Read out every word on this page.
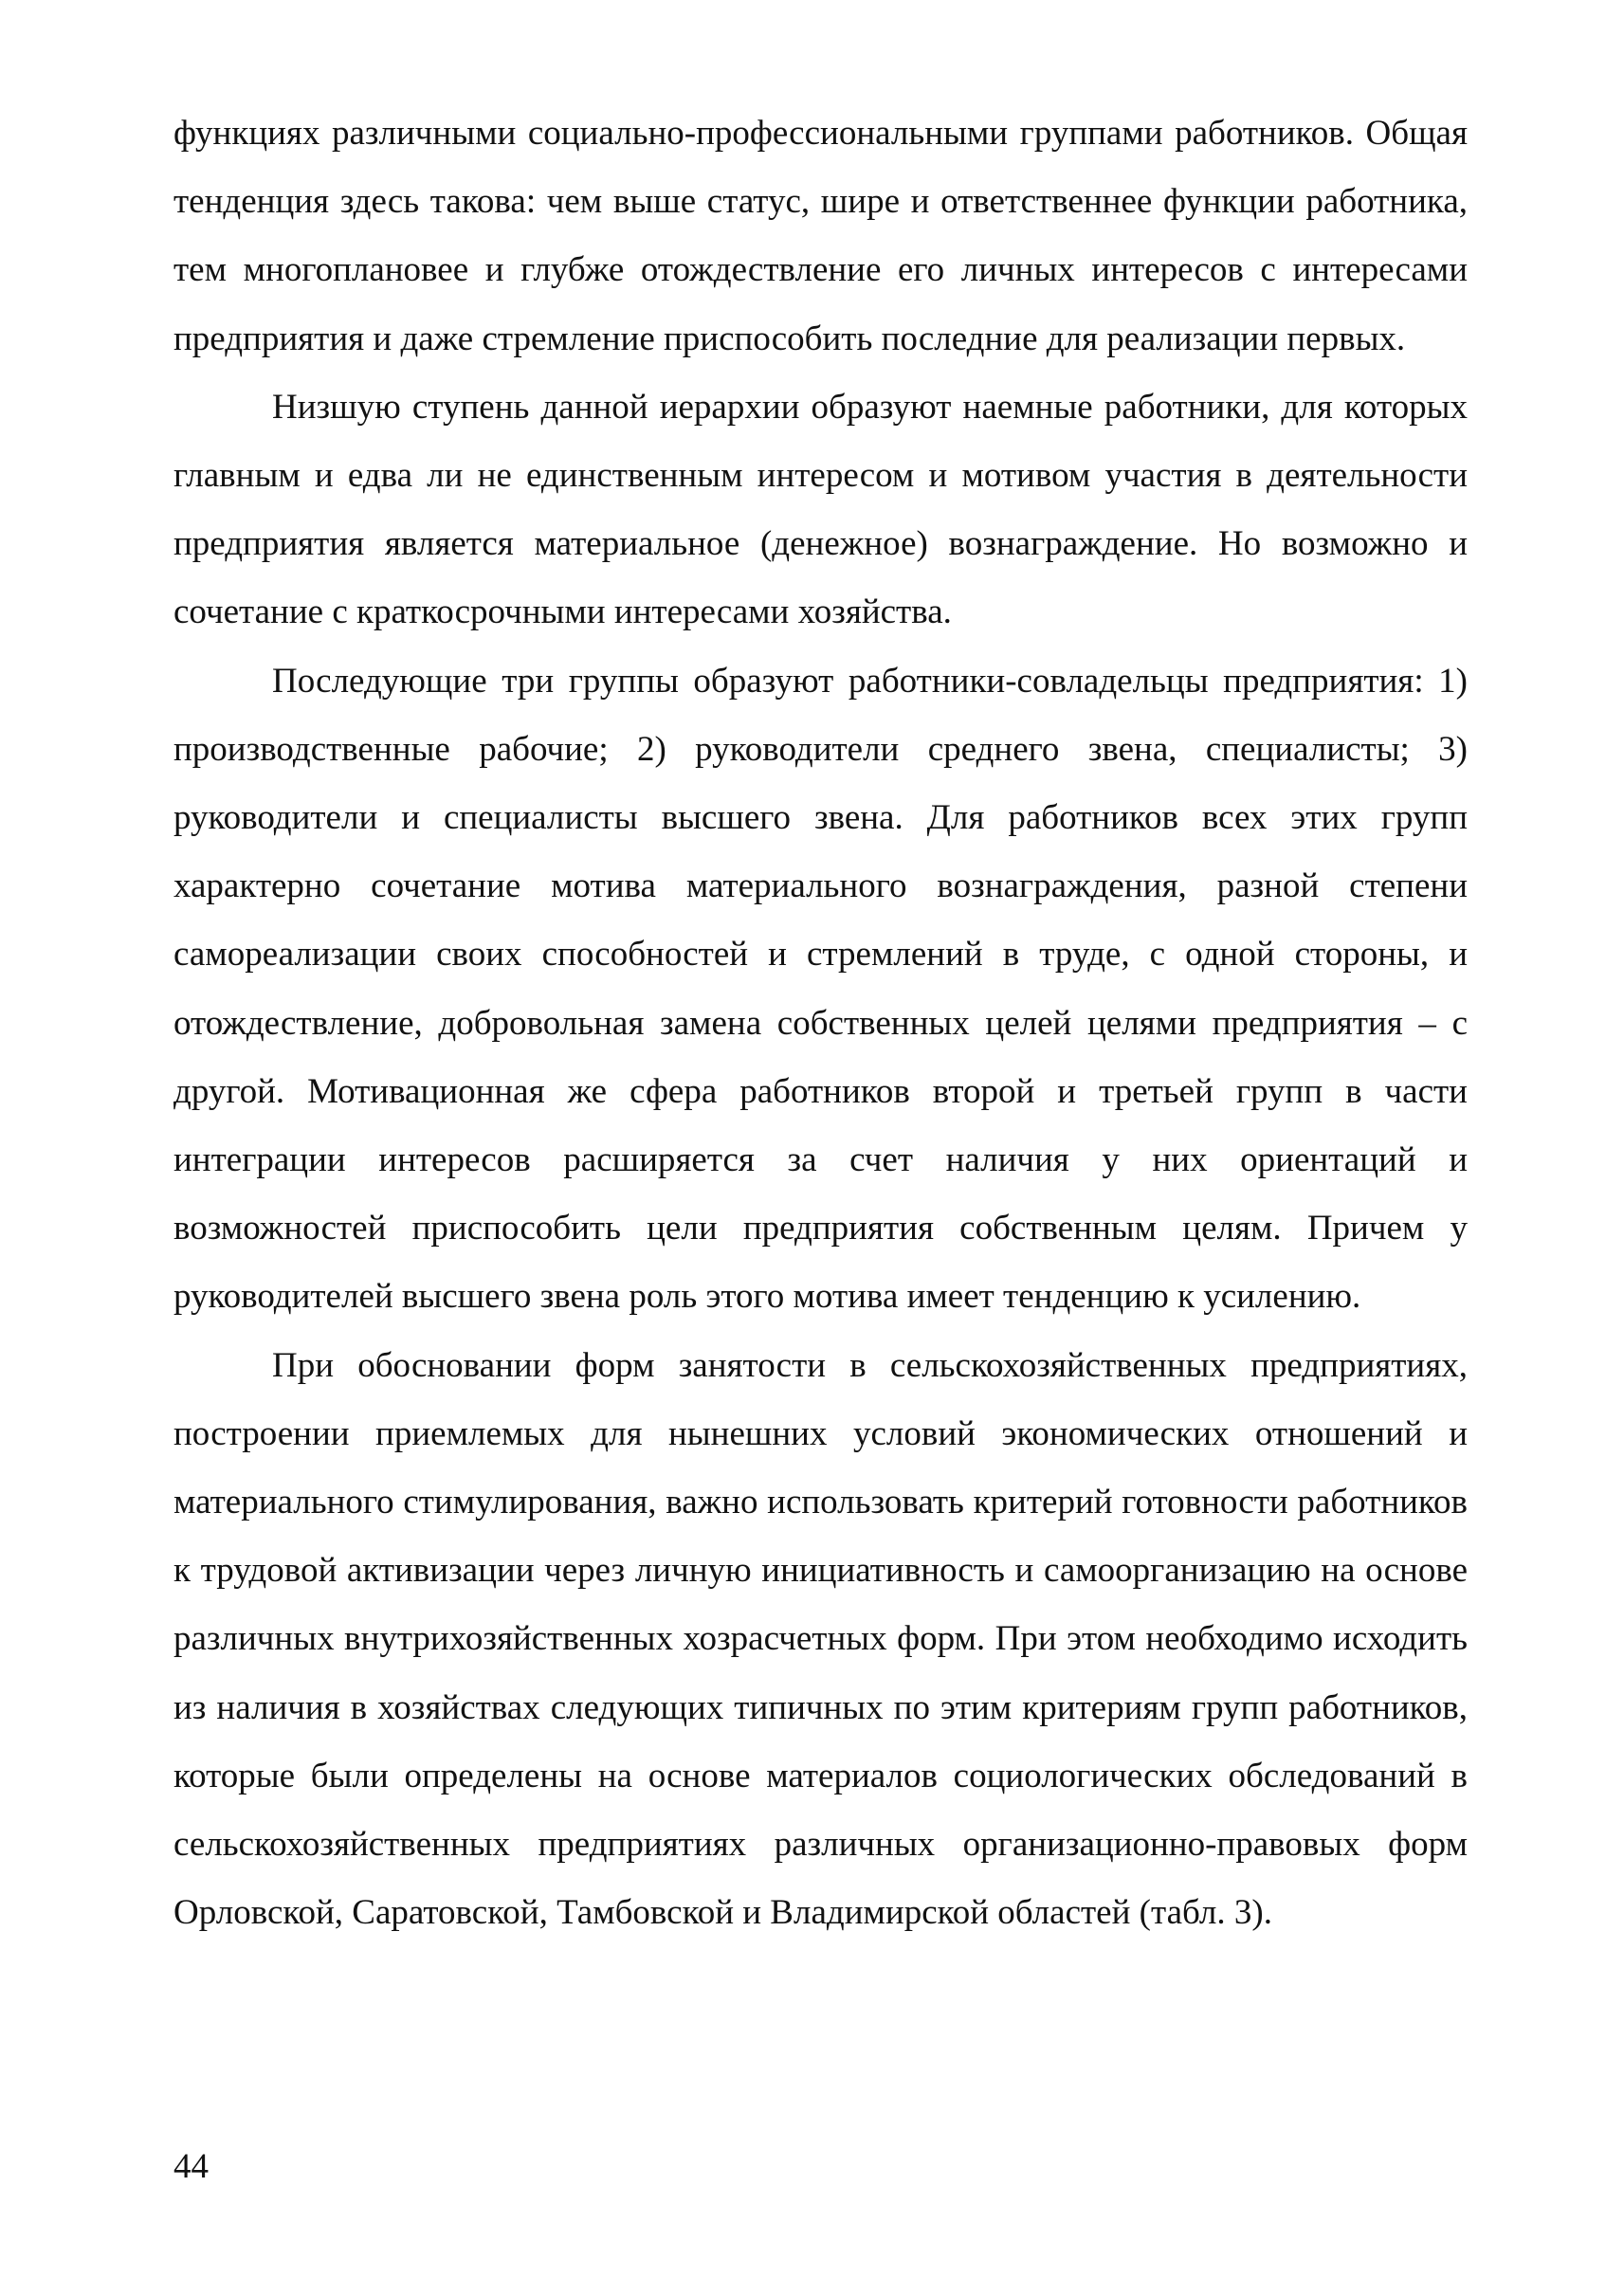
функциях различными социально-профессиональными группами работников. Общая тенденция здесь такова: чем выше статус, шире и ответственнее функции работника, тем многоплановее и глубже отождествление его личных интересов с интересами предприятия и даже стремление приспособить последние для реализации первых.

Низшую ступень данной иерархии образуют наемные работники, для которых главным и едва ли не единственным интересом и мотивом участия в деятельности предприятия является материальное (денежное) вознаграждение. Но возможно и сочетание с краткосрочными интересами хозяйства.

Последующие три группы образуют работники-совладельцы предприятия: 1) производственные рабочие; 2) руководители среднего звена, специалисты; 3) руководители и специалисты высшего звена. Для работников всех этих групп характерно сочетание мотива материального вознаграждения, разной степени самореализации своих способностей и стремлений в труде, с одной стороны, и отождествление, добровольная замена собственных целей целями предприятия – с другой. Мотивационная же сфера работников второй и третьей групп в части интеграции интересов расширяется за счет наличия у них ориентаций и возможностей приспособить цели предприятия собственным целям. Причем у руководителей высшего звена роль этого мотива имеет тенденцию к усилению.

При обосновании форм занятости в сельскохозяйственных предприятиях, построении приемлемых для нынешних условий экономических отношений и материального стимулирования, важно использовать критерий готовности работников к трудовой активизации через личную инициативность и самоорганизацию на основе различных внутрихозяйственных хозрасчетных форм. При этом необходимо исходить из наличия в хозяйствах следующих типичных по этим критериям групп работников, которые были определены на основе материалов социологических обследований в сельскохозяйственных предприятиях различных организационно-правовых форм Орловской, Саратовской, Тамбовской и Владимирской областей (табл. 3).

44
